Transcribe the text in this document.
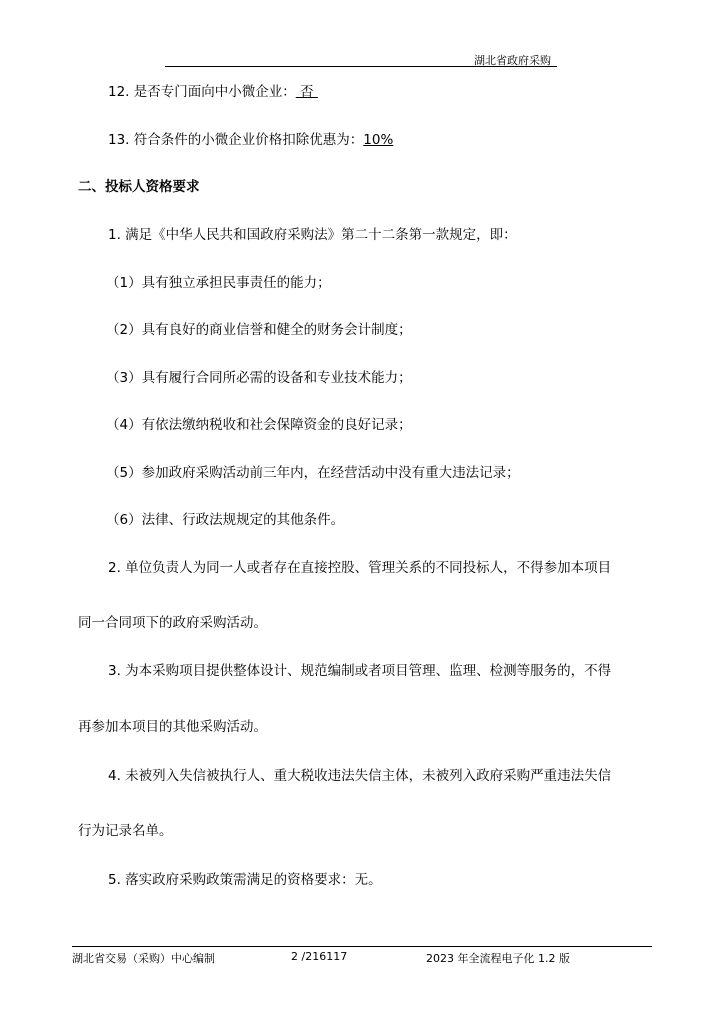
湖北省政府采购
12. 是否专门面向中小微企业： 否
13. 符合条件的小微企业价格扣除优惠为：10%
二、投标人资格要求
1. 满足《中华人民共和国政府采购法》第二十二条第一款规定，即：
（1）具有独立承担民事责任的能力；
（2）具有良好的商业信誉和健全的财务会计制度；
（3）具有履行合同所必需的设备和专业技术能力；
（4）有依法缴纳税收和社会保障资金的良好记录；
（5）参加政府采购活动前三年内，在经营活动中没有重大违法记录；
（6）法律、行政法规规定的其他条件。
2. 单位负责人为同一人或者存在直接控股、管理关系的不同投标人，不得参加本项目
同一合同项下的政府采购活动。
3. 为本采购项目提供整体设计、规范编制或者项目管理、监理、检测等服务的，不得
再参加本项目的其他采购活动。
4. 未被列入失信被执行人、重大税收违法失信主体，未被列入政府采购严重违法失信
行为记录名单。
5. 落实政府采购政策需满足的资格要求：无。
湖北省交易（采购）中心编制	2 /216117	2023 年全流程电子化 1.2 版
